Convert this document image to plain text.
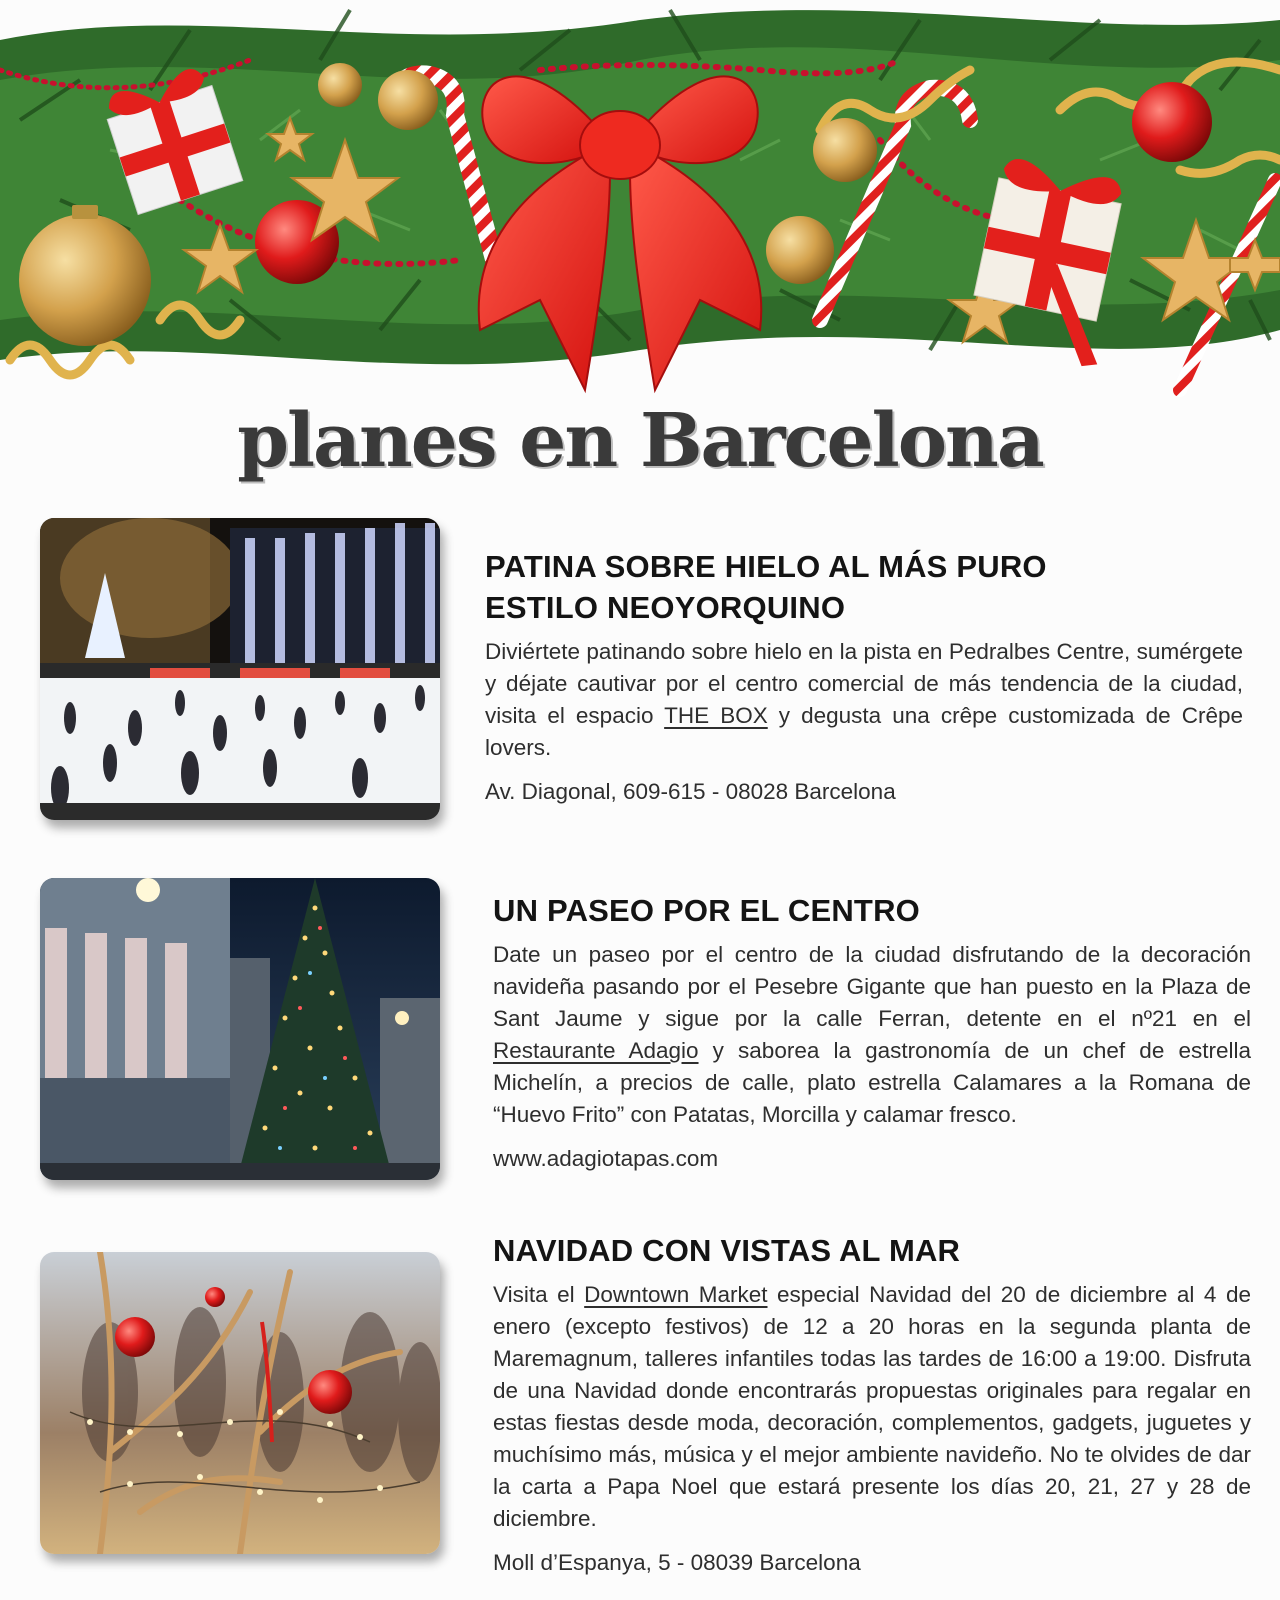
planes en Barcelona
PATINA SOBRE HIELO AL MÁS PURO
ESTILO NEOYORQUINO

Diviértete patinando sobre hielo en la pista en Pedralbes Centre, sumérgete y déjate cautivar por el centro comercial de más tendencia de la ciudad, visita el espacio THE BOX y degusta una crêpe customizada de Crêpe lovers.

Av. Diagonal, 609-615 - 08028 Barcelona

UN PASEO POR EL CENTRO

Date un paseo por el centro de la ciudad disfrutando de la decoración navideña pasando por el Pesebre Gigante que han puesto en la Plaza de Sant Jaume y sigue por la calle Ferran, detente en el nº21 en el Restaurante Adagio y saborea la gastronomía de un chef de estrella Michelín, a precios de calle, plato estrella Calamares a la Romana de “Huevo Frito” con Patatas, Morcilla y calamar fresco.

www.adagiotapas.com

NAVIDAD CON VISTAS AL MAR

Visita el Downtown Market especial Navidad del 20 de diciembre al 4 de enero (excepto festivos) de 12 a 20 horas en la segunda planta de Maremagnum, talleres infantiles todas las tardes de 16:00 a 19:00. Disfruta de una Navidad donde encontrarás propuestas originales para regalar en estas fiestas desde moda, decoración, complementos, gadgets, juguetes y muchísimo más, música y el mejor ambiente navideño. No te olvides de dar la carta a Papa Noel que estará presente los días 20, 21, 27 y 28 de diciembre.

Moll d’Espanya, 5 - 08039 Barcelona
